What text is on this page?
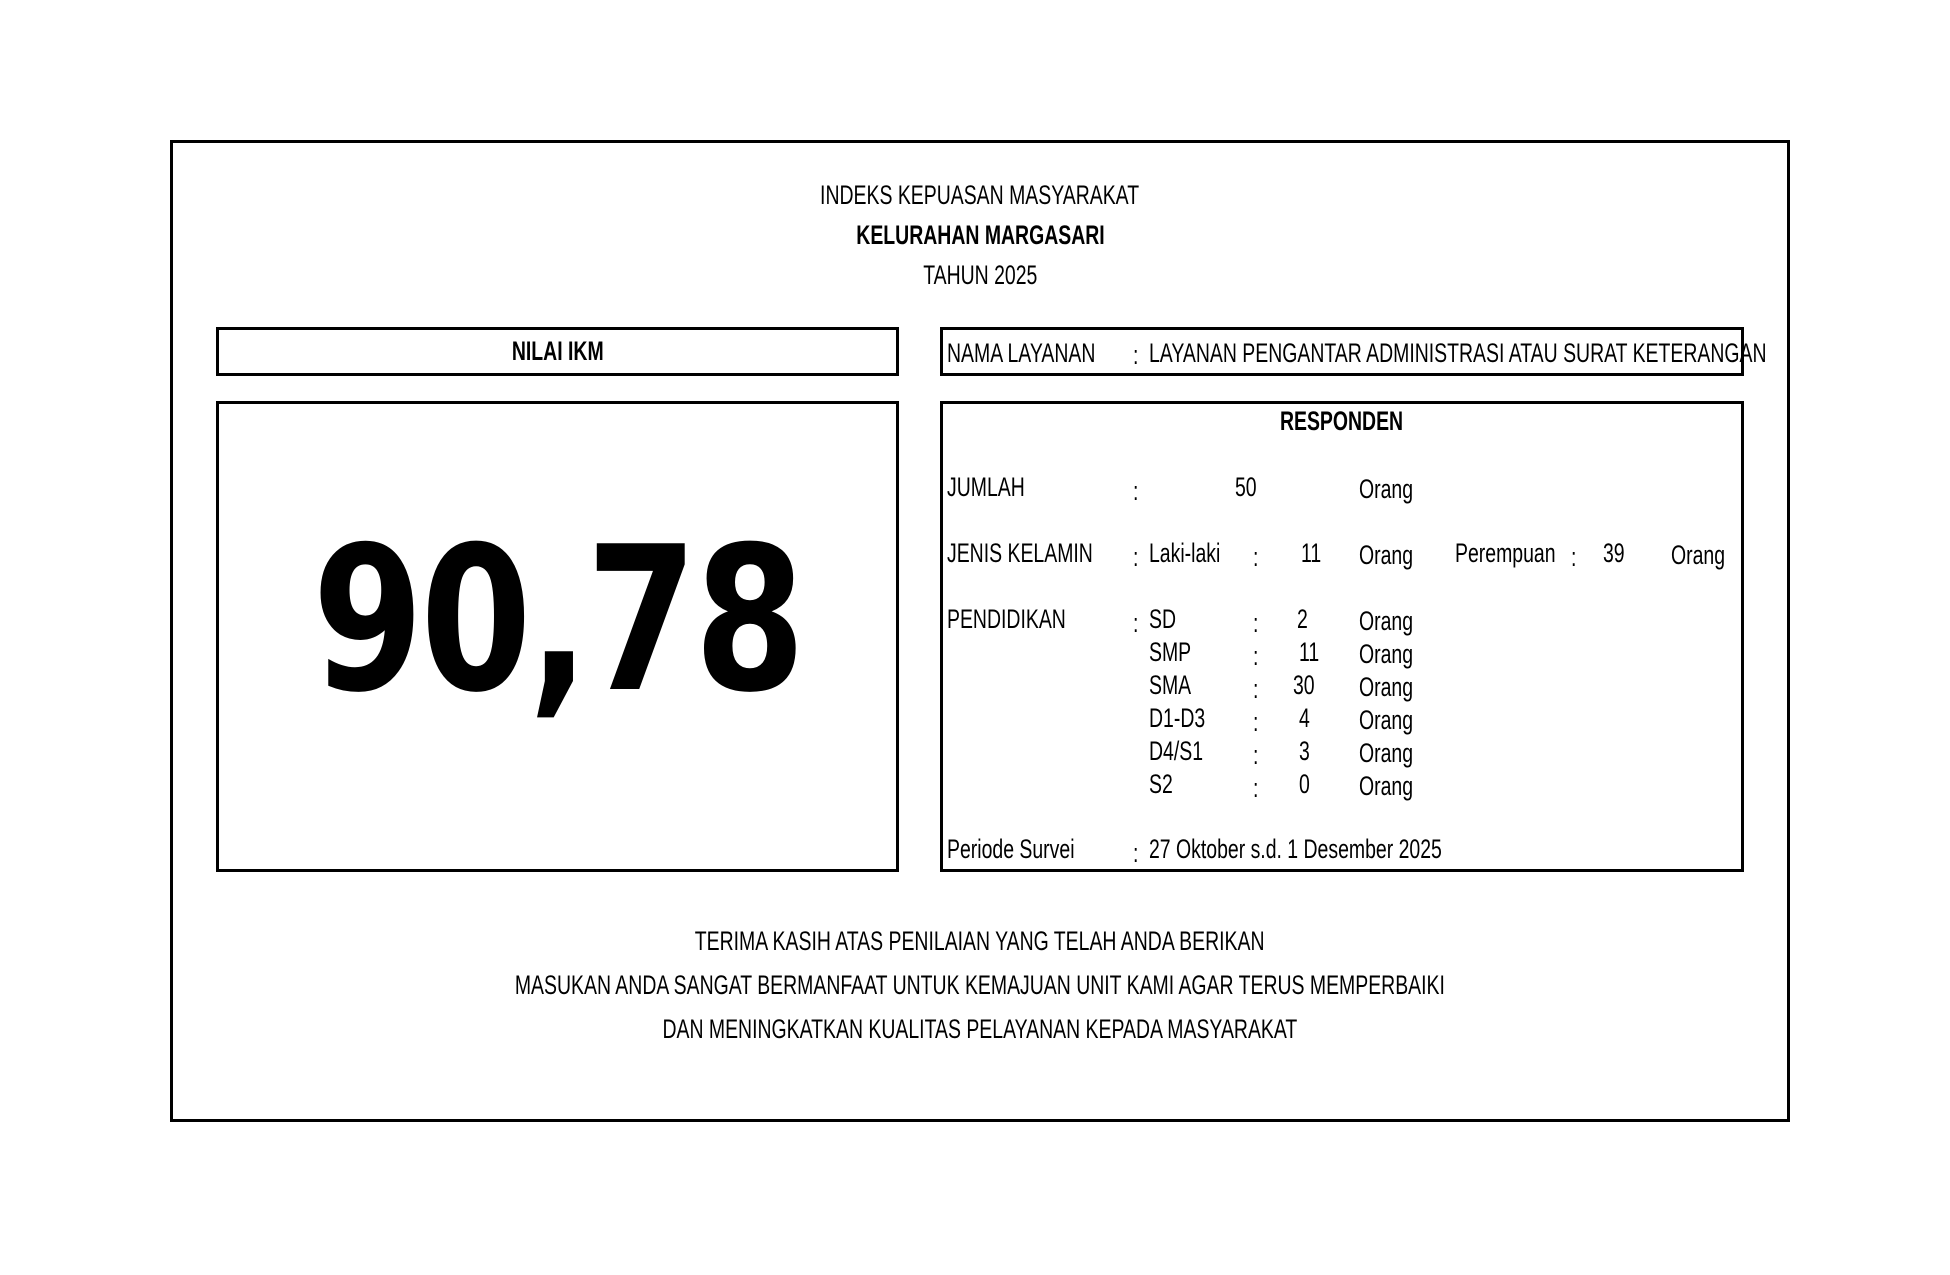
INDEKS KEPUASAN MASYARAKAT
KELURAHAN MARGASARI
TAHUN 2025
NILAI IKM
90,78
NAMA LAYANAN : LAYANAN PENGANTAR ADMINISTRASI ATAU SURAT KETERANGAN
RESPONDEN
JUMLAH	:	50	Orang
JENIS KELAMIN : Laki-laki : 11 Orang Perempuan : 39 Orang
PENDIDIKAN : SD	: 2 Orang
SMP : 11 Orang
SMA : 30 Orang
D1-D3 : 4 Orang
D4/S1 : 3 Orang
S2	: 0 Orang
Periode Survei : 27 Oktober s.d. 1 Desember 2025
TERIMA KASIH ATAS PENILAIAN YANG TELAH ANDA BERIKAN
MASUKAN ANDA SANGAT BERMANFAAT UNTUK KEMAJUAN UNIT KAMI AGAR TERUS MEMPERBAIKI
DAN MENINGKATKAN KUALITAS PELAYANAN KEPADA MASYARAKAT
